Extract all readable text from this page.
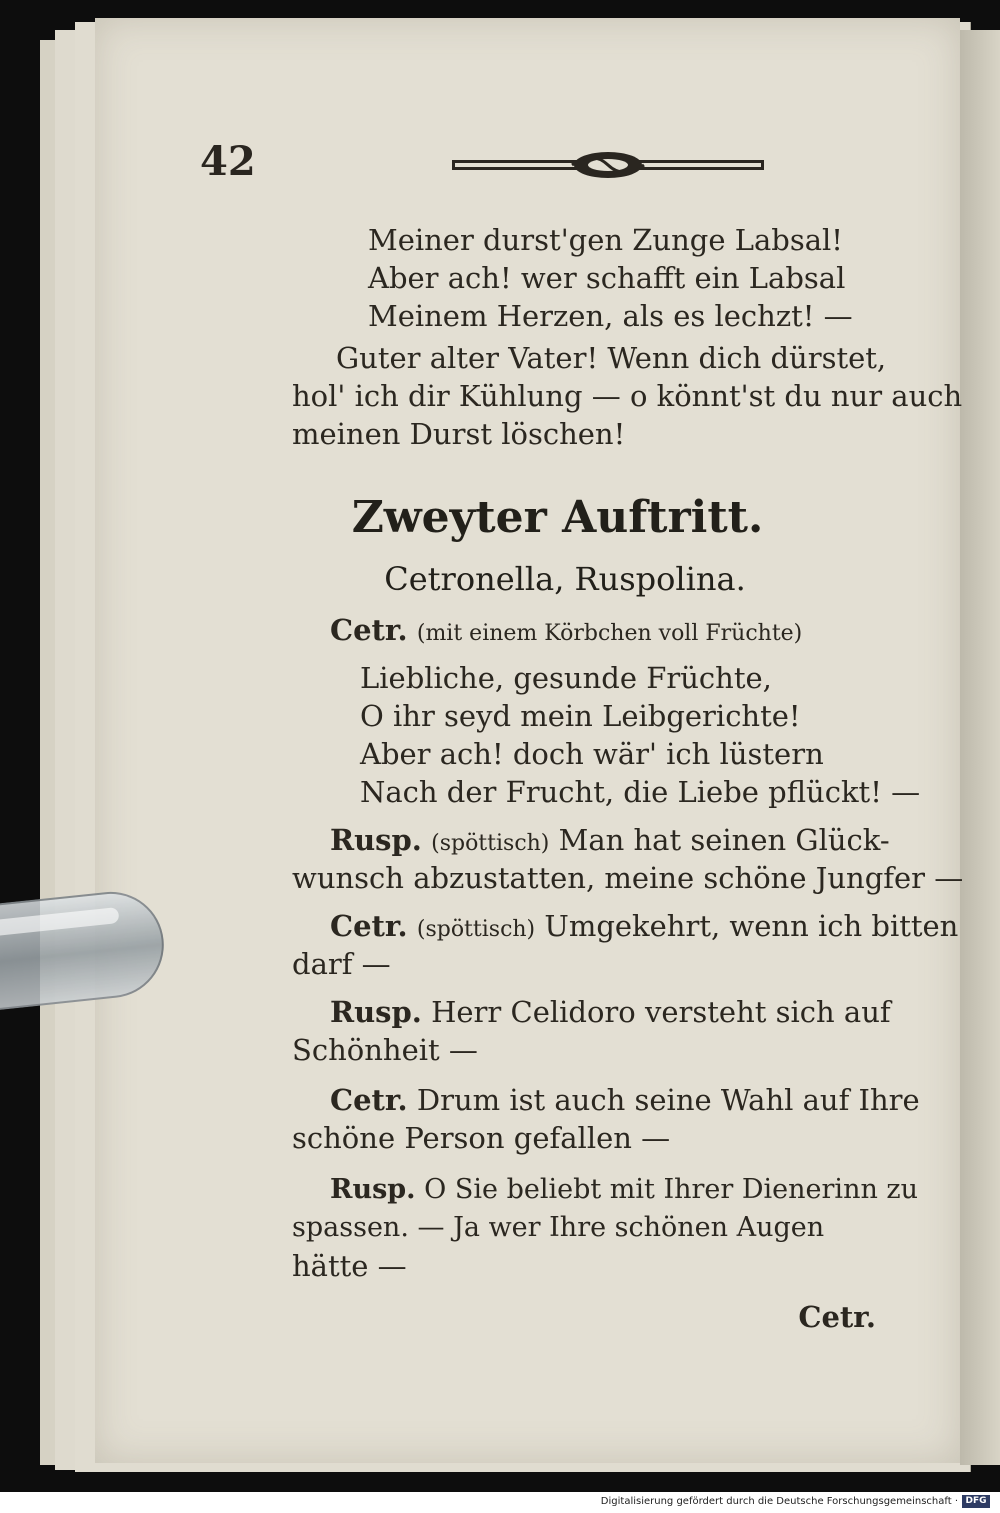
42
Meiner durst'gen Zunge Labsal!
Aber ach! wer schafft ein Labsal
Meinem Herzen, als es lechzt! —
Guter alter Vater! Wenn dich dürstet,
hol' ich dir Kühlung — o könnt'st du nur auch
meinen Durst löschen!
Zweyter Auftritt.
Cetronella, Ruspolina.
Cetr. (mit einem Körbchen voll Früchte)
Liebliche, gesunde Früchte,
O ihr seyd mein Leibgerichte!
Aber ach! doch wär' ich lüstern
Nach der Frucht, die Liebe pflückt! —
Rusp. (spöttisch) Man hat seinen Glück-
wunsch abzustatten, meine schöne Jungfer —
Cetr. (spöttisch) Umgekehrt, wenn ich bitten
darf —
Rusp. Herr Celidoro versteht sich auf
Schönheit —
Cetr. Drum ist auch seine Wahl auf Ihre
schöne Person gefallen —
Rusp. O Sie beliebt mit Ihrer Dienerinn zu
spassen. — Ja wer Ihre schönen Augen
hätte —
Cetr.
Digitalisierung gefördert durch die Deutsche Forschungsgemeinschaft · DFG
